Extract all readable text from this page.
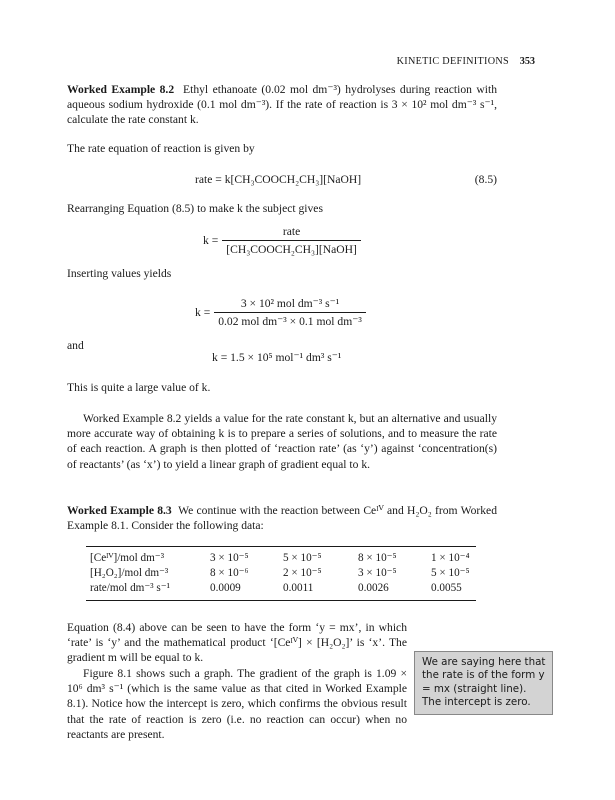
KINETIC DEFINITIONS 353
Worked Example 8.2 Ethyl ethanoate (0.02 mol dm⁻³) hydrolyses during reaction with aqueous sodium hydroxide (0.1 mol dm⁻³). If the rate of reaction is 3 × 10² mol dm⁻³ s⁻¹, calculate the rate constant k.
The rate equation of reaction is given by
rate = k[CH₃COOCH₂CH₃][NaOH]	(8.5)
Rearranging Equation (8.5) to make k the subject gives
$k = \frac{\text{rate}}{\text{[CH₃COOCH₂CH₃][NaOH]}}$
Inserting values yields
$k = \frac{\text{3 × 10² mol dm⁻³ s⁻¹}}{\text{0.02 mol dm⁻³ × 0.1 mol dm⁻³}}$
and
k = 1.5 × 10⁵ mol⁻¹ dm³ s⁻¹
This is quite a large value of k.
Worked Example 8.2 yields a value for the rate constant k, but an alternative and usually more accurate way of obtaining k is to prepare a series of solutions, and to measure the rate of each reaction. A graph is then plotted of ‘reaction rate’ (as ‘y’) against ‘concentration(s) of reactants’ (as ‘x’) to yield a linear graph of gradient equal to k.
Worked Example 8.3 We continue with the reaction between Ceᴵⱽ and H₂O₂ from Worked Example 8.1. Consider the following data:
[Ceᴵⱽ]/mol dm⁻³	3 × 10⁻⁵	5 × 10⁻⁵	8 × 10⁻⁵	1 × 10⁻⁴
[H₂O₂]/mol dm⁻³	8 × 10⁻⁶	2 × 10⁻⁵	3 × 10⁻⁵	5 × 10⁻⁵
rate/mol dm⁻³ s⁻¹	0.0009	0.0011	0.0026	0.0055
Equation (8.4) above can be seen to have the form ‘y = mx’, in which ‘rate’ is ‘y’ and the mathematical product ‘[Ceᴵⱽ] × [H₂O₂]’ is ‘x’. The gradient m will be equal to k.
Figure 8.1 shows such a graph. The gradient of the graph is 1.09 × 10⁶ dm³ s⁻¹ (which is the same value as that cited in Worked Example 8.1). Notice how the intercept is zero, which confirms the obvious result that the rate of reaction is zero (i.e. no reaction can occur) when no reactants are present.
We are saying here that the rate is of the form y = mx (straight line). The intercept is zero.
